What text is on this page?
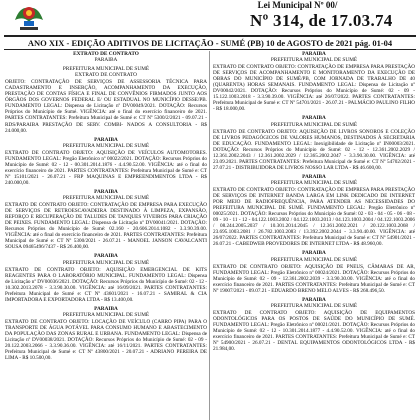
Lei Municipal Nº 00/
Nº 314, de 17.03.74
ANO XIX - EDIÇÃO ADITIVOS DE LICITAÇÃO - SUMÉ (PB) 10 de AGOSTO de 2021 pág. 01-04
EXTRATO DE CONTRATO
PARAIBA
PREFEITURA MUNICIPAL DE SUMÉ
EXTRATO DE CONTRATO
OBJETO: CONTRATAÇÃO DE SERVIÇOS DE ASSESSORIA TÉCNICA PARA CADASTRAMENTO E INSERÇÃO, ACOMPANHAMENTO DA EXECUÇÃO, PRESTAÇÃO DE CONTAS FÍSICA E FINAL DE CONVÊNIOS FIRMADOS JUNTO AOS ÓRGÃOS DOS GOVERNOS FEDERAL E/ OU ESTADUAL NO MUNICÍPIO DESSE/PB. FUNDAMENTO LEGAL: Dispensa de Licitação nº DV00049/2021. DOTAÇÃO: Recursos Próprios do Município de Sumé. VIGÊNCIA: até o final do exercício financeiro de 2021. PARTES CONTRATANTES: Prefeitura Municipal de Sumé e: CT Nº 5300/2/2021 - 09.07.21 - RDS/PARAIBA PRESTAÇÃO DE SERV. COMBI- NADOS A CONSULTORIA - R$ 24.000,00.
PARAIBA
PREFEITURA MUNICIPAL DE SUMÉ
EXTRATO DE CONTRATO OBJETO: AQUISIÇÃO DE VEÍCULOS AUTOMOTORES. FUNDAMENTO LEGAL: Pregão Eletrônico nº 00022/2021. DOTAÇÃO: Recursos Próprios do Município de Sumé: 02 - 12 - 00.301.2014.1876 - 4.4.90.52.00. VIGÊNCIA: até o final do exercício financeiro de 2021. PARTES CONTRATANTES: Prefeitura Municipal de Sumé e: CT Nº 15101/2021 - 26.07.21 - FRP MAQUINAS E EMPREENDIMENTOS LTDA - R$ 240.000,00.
PARAIBA
PREFEITURA MUNICIPAL DE SUMÉ
EXTRATO DE CONTRATO OBJETO: CONTRATAÇÃO DE EMPRESA PARA EXECUÇÃO DE SERVIÇOS DE RETROESCAVADEIRA DESTINADO À LIMPEZA, EXPANSÃO, REFORÇO E RECUPERAÇÃO DE TALUDES DE TANQUES VIVEIROS PARA CRIAÇÃO DE PEIXES. FUNDAMENTO LEGAL: Dispensa de Licitação nº DV00041/2021. DOTAÇÃO: Recursos Próprios do Município de Sumé: 02.160 - 20.606.2014.1082 - 3.3.90.39.00. VIGÊNCIA: até o final do exercício financeiro de 2021. PARTES CONTRATANTES: Prefeitura Municipal de Sumé e: CT Nº 5300/2021 - 26.07.21 - MANOEL JANSON CAVALCANTI SOUSA 09465496/7437 - R$ 26.400,00.
PARAIBA
PREFEITURA MUNICIPAL DE SUMÉ
EXTRATO DE CONTRATO OBJETO: AQUISIÇÃO EMERGENCIAL DE KITS REAGENTES PARA O LABORATÓRIO MUNICIPAL. FUNDAMENTO LEGAL: Dispensa de Licitação nº DV00036/2021. DOTAÇÃO: Recursos Próprios do Município de Sumé: 02 - 12 - 10.302.2013.2078 - 3.3.90.30.00. VIGÊNCIA: até 16/09/2021. PARTES CONTRATANTES: Prefeitura Municipal de Sumé e: CT Nº 43601/2021 - 16.07.21 - SAMIRAL & CIA IMPORTADORA E EXPORTADORA LTDA - R$ 13.400,00.
PARAIBA
PREFEITURA MUNICIPAL DE SUMÉ
EXTRATO DE CONTRATO OBJETO: LOCAÇÃO DE VEÍCULO (CARRO PIPA) PARA O TRANSPORTE DE ÁGUA POTÁVEL PARA CONSUMO HUMANO E ABASTECIMENTO DA POPULAÇÃO DAS ZONAS RURAL E URBANA. FUNDAMENTO LEGAL: Dispensa de Licitação nº DV00038/2021. DOTAÇÃO: Recursos Próprios do Município de Sumé: 02 - 09 - 20.122.2003.2066 - 3.3.90.36.00. VIGÊNCIA: até 16/11/2021. PARTES CONTRATANTES: Prefeitura Municipal de Sumé e: CT Nº 43800/2021 - 20.07.21 - ADRIANO PEREIRA DE LIMA - R$ 10.500,00.
PARAIBA
PREFEITURA MUNICIPAL DE SUMÉ
EXTRATO DE CONTRATO OBJETO: CONTRATAÇÃO DE EMPRESA PARA PRESTAÇÃO DE SERVIÇOS DE ACOMPANHAMENTO E MONITORAMENTO DA EXECUÇÃO DE OBRAS DO MUNICÍPIO DE SUMÉ/PB, COM JORNADA DE TRABALHO DE 40 (QUARENTA) HORAS SEMANAIS. FUNDAMENTO LEGAL: Dispensa de Licitação nº DV00042/2021. DOTAÇÃO: Recursos Próprios do Município de Sumé: 02 - 09 - 15.122.1003.2018 - 3.3.90.39.00. VIGÊNCIA: até 26/07/2022. PARTES CONTRATANTES: Prefeitura Municipal de Sumé e: CT Nº 54701/2021 - 26.07.21 - PALMÁCIO PAULINO FILHO - R$ 18.000,00.
PARAIBA
PREFEITURA MUNICIPAL DE SUMÉ
EXTRATO DE CONTRATO OBJETO: AQUISIÇÃO DE LIVROS SONOROS E COLEÇÃO DE LIVROS PEDAGÓGICOS DE VALORES HUMANOS, DESTINADOS À SECRETARIA DE EDUCAÇÃO. FUNDAMENTO LEGAL: Inexigibilidade de Licitação nº IN00003/2021. DOTAÇÃO: Recursos Próprios do Município de Sumé: 02 - 12 - 12.361.2002.2029 / 12.361.2002.2043 / 12.361.2002.2029 / 12.365.2002.2047 - 3.3.90.30.00. VIGÊNCIA: até 23.09.2021. PARTES CONTRATANTES: Prefeitura Municipal de Sumé e: CT Nº 54702/2021 - 27.07.21 - DISTRIBUIDORA DE LIVROS NOSSO LAR LTDA - R$ 46.600,00.
PARAIBA
PREFEITURA MUNICIPAL DE SUMÉ
EXTRATO DE CONTRATO OBJETO: CONTRATAÇÃO DE EMPRESA PARA PRESTAÇÃO DE SERVIÇOS DE INTERNET BANDA LARGA EM LINK DEDICADO DE INTERNET POR MEIO DE RADIOFREQUÊNCIA, PARA ATENDER AS NECESSIDADES DO PREFEITURA MUNICIPAL DE SUMÉ. FUNDAMENTO LEGAL: Pregão Eletrônico nº 00025/2021. DOTAÇÃO: Recursos Próprios do Município de Sumé: 02 - 03 - 04 - 05 - 06 - 08 - 09 - 10 - 11 - 12 - 04.122.1003.2002 / 04.122.1003.2013 / 04.123.1003.2004 / 04.122.1003.2006 / 08.244.2005.2037 / 10.301.2014.2045 / 12.361.2002.2021 / 20.122.1003.2068 / 23.695.1003.2081 / 26.782.1003.2083 / 13.392.2002.2044 - 3.3.90.40.00. VIGÊNCIA: até 26/07/2022. PARTES CONTRATANTES: Prefeitura Municipal de Sumé e: CT Nº 54901/2021 - 26.07.21 - CABEDWEB PROVEDORES DE INTERNET LTDA - R$ 48.960,00.
PARAIBA
PREFEITURA MUNICIPAL DE SUMÉ
EXTRATO DE CONTRATO OBJETO: AQUISIÇÃO DE PNEUS, CÂMARAS DE AR, FUNDAMENTO LEGAL: Pregão Eletrônico nº 00024/2021. DOTAÇÃO: Recursos Próprios do Município de Sumé: 02 - 09 - 12.361.2002.2039 - 3.3.90.30.00. VIGÊNCIA: até o final do exercício financeiro de 2021. PARTES CONTRATANTES: Prefeitura Municipal de Sumé e: CT Nº 19007/2021 - 09.07.21 - EDUARDO BRENO MELO ALVES - R$ 268.496,50.
PARAIBA
PREFEITURA MUNICIPAL DE SUMÉ
EXTRATO DE CONTRATO OBJETO: AQUISIÇÃO DE EQUIPAMENTOS ODONTOLÓGICOS PARA OS POSTOS DE SAÚDE DO MUNICÍPIO DE SUMÉ. FUNDAMENTO LEGAL: Pregão Eletrônico nº 00021/2021. DOTAÇÃO: Recursos Próprios do Município de Sumé: 02 - 12 - 10.301.2014.1877 - 4.4.90.52.00. VIGÊNCIA: até o final do exercício financeiro de 2021. PARTES CONTRATANTES: Prefeitura Municipal de Sumé e: CT Nº 54900/2021 - 26.07.21 - DENTAL EQUIPAMENTOS ODONTOLÓGICOS LTDA - R$ 21.984,00.
